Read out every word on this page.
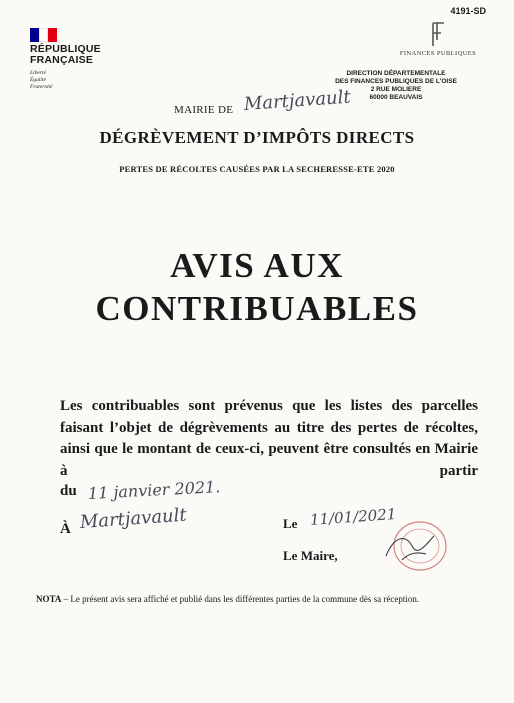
4191-SD
RÉPUBLIQUE
FRANÇAISE
Liberté
Égalité
Fraternité
FINANCES PUBLIQUES
DIRECTION DÉPARTEMENTALE
DES FINANCES PUBLIQUES DE L'OISE
2 RUE MOLIERE
60000 BEAUVAIS
MAIRIE DE Martjavault
DÉGRÈVEMENT D’IMPÔTS DIRECTS
PERTES DE RÉCOLTES CAUSÉES PAR LA SECHERESSE-ETE 2020
AVIS AUX
CONTRIBUABLES
Les contribuables sont prévenus que les listes des parcelles faisant l’objet de dégrèvements au titre des pertes de récoltes, ainsi que le montant de ceux-ci, peuvent être consultés en Mairie à partir
du 11 janvier 2021.
À Martjavault	Le 11/01/2021
Le Maire,
NOTA – Le présent avis sera affiché et publié dans les différentes parties de la commune dès sa réception.
